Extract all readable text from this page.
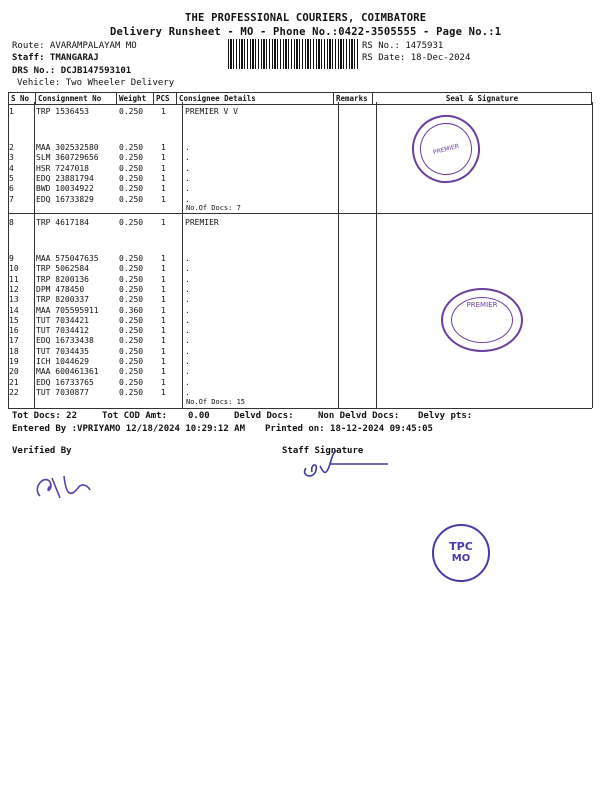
THE PROFESSIONAL COURIERS, COIMBATORE
Delivery Runsheet - MO - Phone No.:0422-3505555 - Page No.:1
Route: AVARAMPALAYAM MO
Staff: TMANGARAJ
DRS No.: DCJB147593101
Vehicle: Two Wheeler Delivery
RS No.: 1475931
RS Date: 18-Dec-2024
S No	Consignment No	Weight	PCS	Consignee Details	Remarks	Seal & Signature
1	TRP 1536453	0.250 1 PREMIER V V
2	MAA 302532580	0.250 1 .
3	SLM 360729656	0.250 1 .
4	HSR 7247018	0.250 1 .
5	EDQ 23881794	0.250 1 .
6	BWD 10034922	0.250 1 .
7	EDQ 16733829	0.250 1 .
No.Of Docs: 7
8	TRP 4617184	0.250 1 PREMIER
9	MAA 575047635	0.250 1 .
10 TRP 5062584	0.250 1 .
11 TRP 8200136	0.250 1 .
12 DPM 478450	0.250 1 .
13 TRP 8200337	0.250 1 .
14 MAA 705595911	0.360 1 .
15 TUT 7034421	0.250 1 .
16 TUT 7034412	0.250 1 .
17 EDQ 16733438	0.250 1 .
18 TUT 7034435	0.250 1 .
19 ICH 1044629	0.250 1 .
20 MAA 600461361	0.250 1 .
21 EDQ 16733765	0.250 1 .
22 TUT 7030877	0.250 1 .
No.Of Docs: 15
PREMIER
PREMIER
Tot Docs: 22	Tot COD Amt: 0.00	Delvd Docs:	Non Delvd Docs: Delvy pts:
Entered By :VPRIYAMO 12/18/2024 10:29:12 AM Printed on: 18-12-2024 09:45:05
Verified By	Staff Signature
TPC
MO
